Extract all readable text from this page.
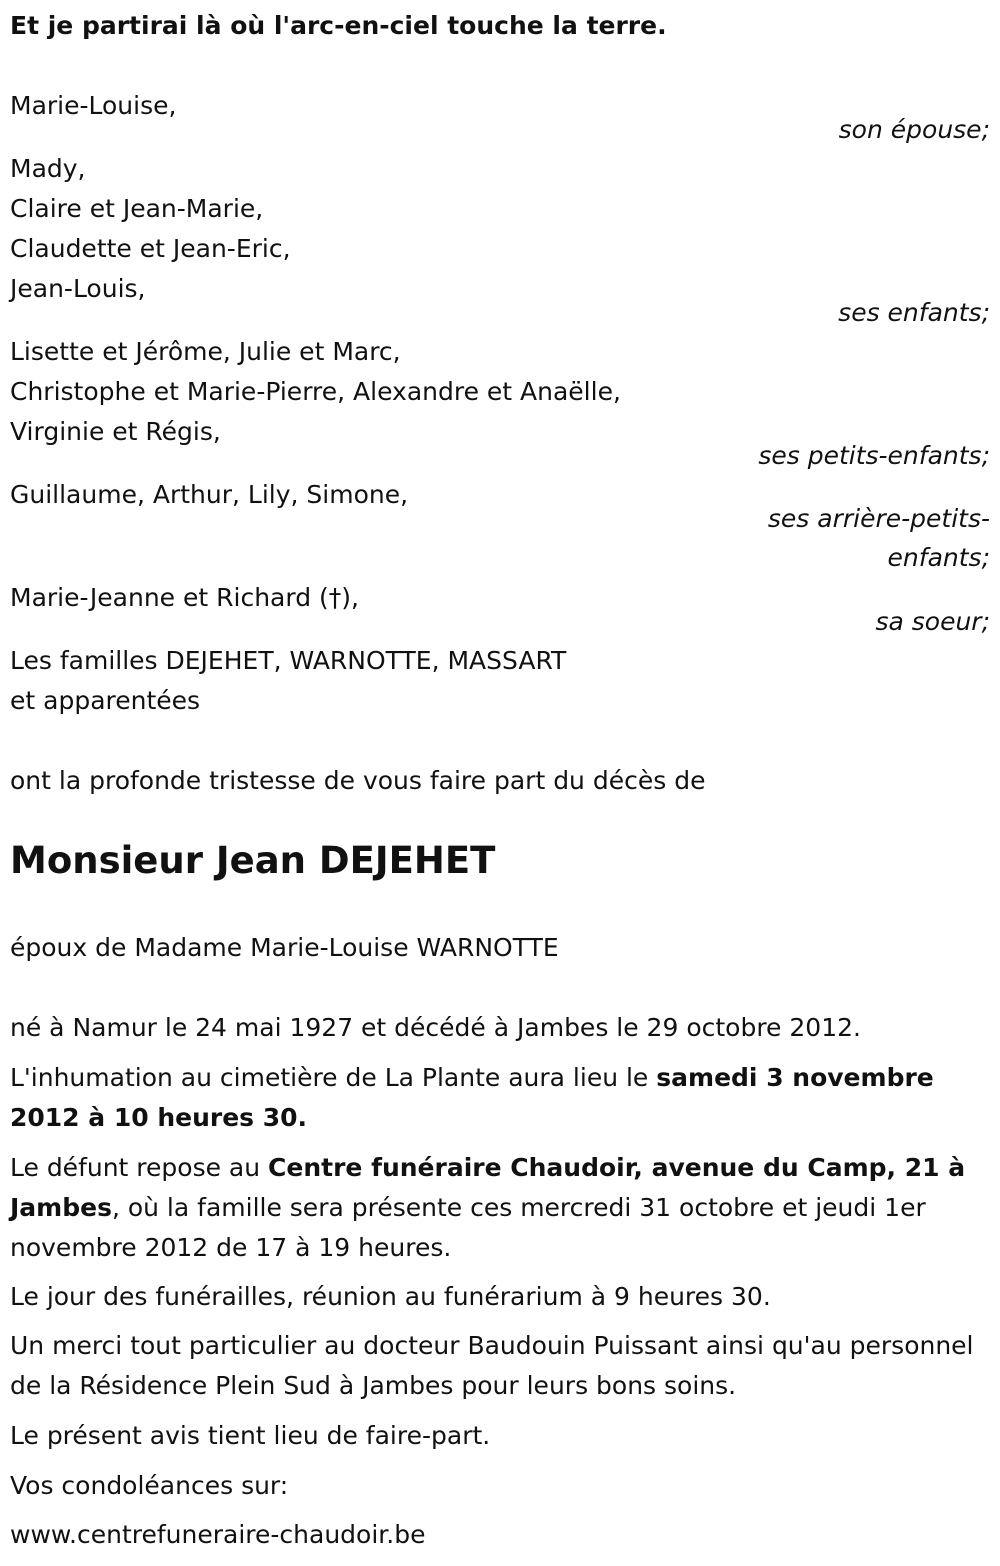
Et je partirai là où l'arc-en-ciel touche la terre.
Marie-Louise,
son épouse;
Mady,
Claire et Jean-Marie,
Claudette et Jean-Eric,
Jean-Louis,
ses enfants;
Lisette et Jérôme, Julie et Marc,
Christophe et Marie-Pierre, Alexandre et Anaëlle,
Virginie et Régis,
ses petits-enfants;
Guillaume, Arthur, Lily, Simone,
ses arrière-petits-
enfants;
Marie-Jeanne et Richard (†),
sa soeur;
Les familles DEJEHET, WARNOTTE, MASSART
et apparentées
ont la profonde tristesse de vous faire part du décès de
Monsieur Jean DEJEHET
époux de Madame Marie-Louise WARNOTTE
né à Namur le 24 mai 1927 et décédé à Jambes le 29 octobre 2012.
L'inhumation au cimetière de La Plante aura lieu le samedi 3 novembre 2012 à 10 heures 30.
Le défunt repose au Centre funéraire Chaudoir, avenue du Camp, 21 à Jambes, où la famille sera présente ces mercredi 31 octobre et jeudi 1er novembre 2012 de 17 à 19 heures.
Le jour des funérailles, réunion au funérarium à 9 heures 30.
Un merci tout particulier au docteur Baudouin Puissant ainsi qu'au personnel de la Résidence Plein Sud à Jambes pour leurs bons soins.
Le présent avis tient lieu de faire-part.
Vos condoléances sur:
www.centrefuneraire-chaudoir.be
